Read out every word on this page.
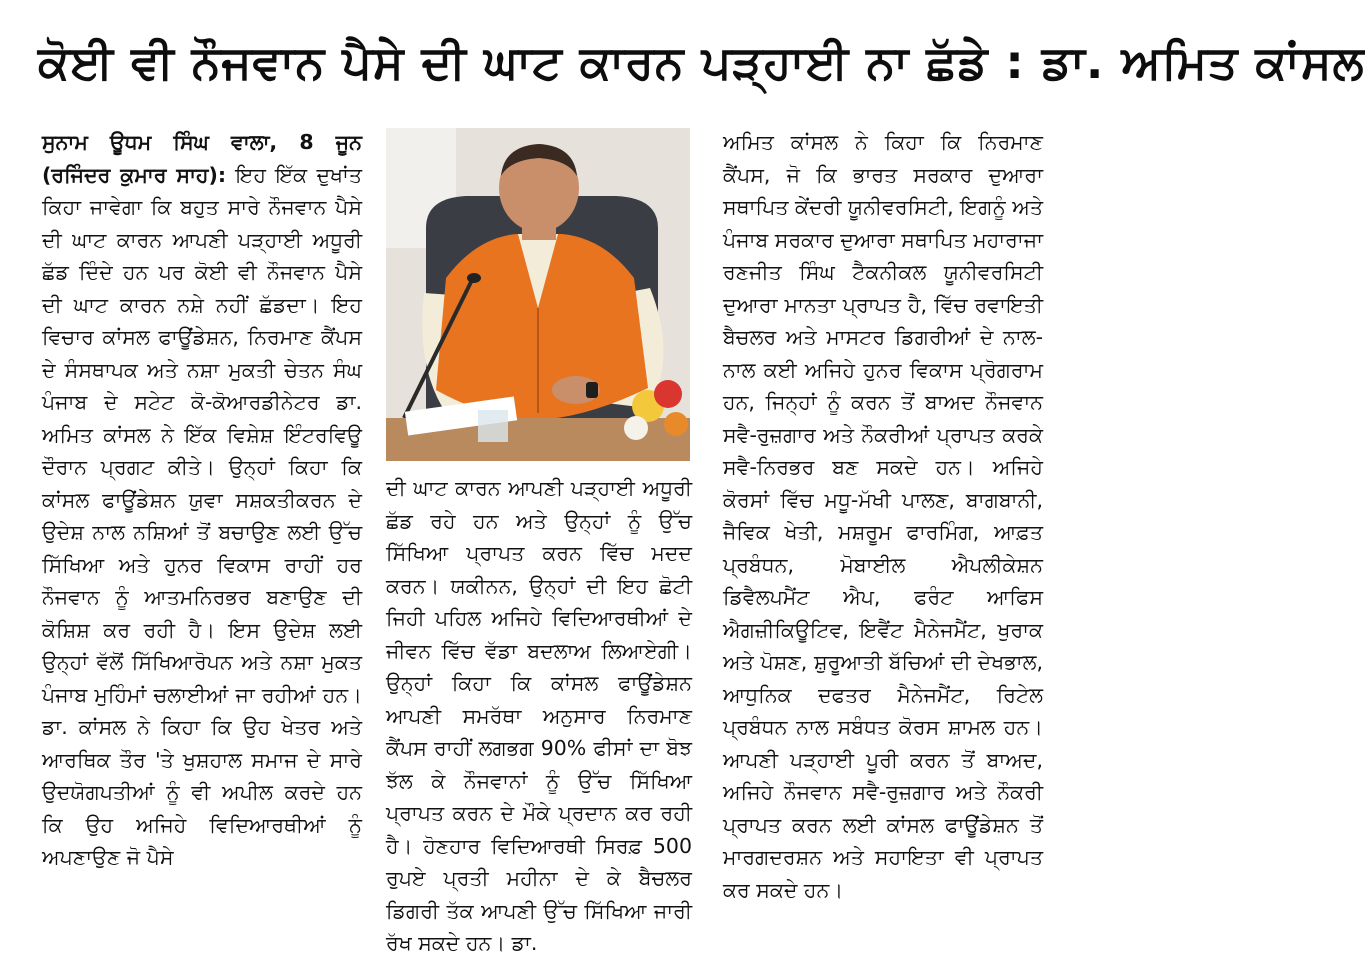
ਕੋਈ ਵੀ ਨੌਜਵਾਨ ਪੈਸੇ ਦੀ ਘਾਟ ਕਾਰਨ ਪੜ੍ਹਾਈ ਨਾ ਛੱਡੇ : ਡਾ. ਅਮਿਤ ਕਾਂਸਲ

ਸੁਨਾਮ ਊਧਮ ਸਿੰਘ ਵਾਲਾ, 8 ਜੂਨ (ਰਜਿੰਦਰ ਕੁਮਾਰ ਸਾਹ): ਇਹ ਇੱਕ ਦੁਖਾਂਤ ਕਿਹਾ ਜਾਵੇਗਾ ਕਿ ਬਹੁਤ ਸਾਰੇ ਨੌਜਵਾਨ ਪੈਸੇ ਦੀ ਘਾਟ ਕਾਰਨ ਆਪਣੀ ਪੜ੍ਹਾਈ ਅਧੂਰੀ ਛੱਡ ਦਿੰਦੇ ਹਨ ਪਰ ਕੋਈ ਵੀ ਨੌਜਵਾਨ ਪੈਸੇ ਦੀ ਘਾਟ ਕਾਰਨ ਨਸ਼ੇ ਨਹੀਂ ਛੱਡਦਾ। ਇਹ ਵਿਚਾਰ ਕਾਂਸਲ ਫਾਊਂਡੇਸ਼ਨ, ਨਿਰਮਾਣ ਕੈਂਪਸ ਦੇ ਸੰਸਥਾਪਕ ਅਤੇ ਨਸ਼ਾ ਮੁਕਤੀ ਚੇਤਨ ਸੰਘ ਪੰਜਾਬ ਦੇ ਸਟੇਟ ਕੋ-ਕੋਆਰਡੀਨੇਟਰ ਡਾ. ਅਮਿਤ ਕਾਂਸਲ ਨੇ ਇੱਕ ਵਿਸ਼ੇਸ਼ ਇੰਟਰਵਿਊ ਦੌਰਾਨ ਪ੍ਰਗਟ ਕੀਤੇ। ਉਨ੍ਹਾਂ ਕਿਹਾ ਕਿ ਕਾਂਸਲ ਫਾਊਂਡੇਸ਼ਨ ਯੁਵਾ ਸਸ਼ਕਤੀਕਰਨ ਦੇ ਉਦੇਸ਼ ਨਾਲ ਨਸ਼ਿਆਂ ਤੋਂ ਬਚਾਉਣ ਲਈ ਉੱਚ ਸਿੱਖਿਆ ਅਤੇ ਹੁਨਰ ਵਿਕਾਸ ਰਾਹੀਂ ਹਰ ਨੌਜਵਾਨ ਨੂੰ ਆਤਮਨਿਰਭਰ ਬਣਾਉਣ ਦੀ ਕੋਸ਼ਿਸ਼ ਕਰ ਰਹੀ ਹੈ। ਇਸ ਉਦੇਸ਼ ਲਈ ਉਨ੍ਹਾਂ ਵੱਲੋਂ ਸਿੱਖਿਆਰੋਪਨ ਅਤੇ ਨਸ਼ਾ ਮੁਕਤ ਪੰਜਾਬ ਮੁਹਿੰਮਾਂ ਚਲਾਈਆਂ ਜਾ ਰਹੀਆਂ ਹਨ। ਡਾ. ਕਾਂਸਲ ਨੇ ਕਿਹਾ ਕਿ ਉਹ ਖੇਤਰ ਅਤੇ ਆਰਥਿਕ ਤੌਰ 'ਤੇ ਖੁਸ਼ਹਾਲ ਸਮਾਜ ਦੇ ਸਾਰੇ ਉਦਯੋਗਪਤੀਆਂ ਨੂੰ ਵੀ ਅਪੀਲ ਕਰਦੇ ਹਨ ਕਿ ਉਹ ਅਜਿਹੇ ਵਿਦਿਆਰਥੀਆਂ ਨੂੰ ਅਪਣਾਉਣ ਜੋ ਪੈਸੇ

ਦੀ ਘਾਟ ਕਾਰਨ ਆਪਣੀ ਪੜ੍ਹਾਈ ਅਧੂਰੀ ਛੱਡ ਰਹੇ ਹਨ ਅਤੇ ਉਨ੍ਹਾਂ ਨੂੰ ਉੱਚ ਸਿੱਖਿਆ ਪ੍ਰਾਪਤ ਕਰਨ ਵਿੱਚ ਮਦਦ ਕਰਨ। ਯਕੀਨਨ, ਉਨ੍ਹਾਂ ਦੀ ਇਹ ਛੋਟੀ ਜਿਹੀ ਪਹਿਲ ਅਜਿਹੇ ਵਿਦਿਆਰਥੀਆਂ ਦੇ ਜੀਵਨ ਵਿੱਚ ਵੱਡਾ ਬਦਲਾਅ ਲਿਆਏਗੀ। ਉਨ੍ਹਾਂ ਕਿਹਾ ਕਿ ਕਾਂਸਲ ਫਾਊਂਡੇਸ਼ਨ ਆਪਣੀ ਸਮਰੱਥਾ ਅਨੁਸਾਰ ਨਿਰਮਾਣ ਕੈਂਪਸ ਰਾਹੀਂ ਲਗਭਗ 90% ਫੀਸਾਂ ਦਾ ਬੋਝ ਝੱਲ ਕੇ ਨੌਜਵਾਨਾਂ ਨੂੰ ਉੱਚ ਸਿੱਖਿਆ ਪ੍ਰਾਪਤ ਕਰਨ ਦੇ ਮੌਕੇ ਪ੍ਰਦਾਨ ਕਰ ਰਹੀ ਹੈ। ਹੋਣਹਾਰ ਵਿਦਿਆਰਥੀ ਸਿਰਫ਼ 500 ਰੁਪਏ ਪ੍ਰਤੀ ਮਹੀਨਾ ਦੇ ਕੇ ਬੈਚਲਰ ਡਿਗਰੀ ਤੱਕ ਆਪਣੀ ਉੱਚ ਸਿੱਖਿਆ ਜਾਰੀ ਰੱਖ ਸਕਦੇ ਹਨ। ਡਾ.

ਅਮਿਤ ਕਾਂਸਲ ਨੇ ਕਿਹਾ ਕਿ ਨਿਰਮਾਣ ਕੈਂਪਸ, ਜੋ ਕਿ ਭਾਰਤ ਸਰਕਾਰ ਦੁਆਰਾ ਸਥਾਪਿਤ ਕੇਂਦਰੀ ਯੂਨੀਵਰਸਿਟੀ, ਇਗਨੂੰ ਅਤੇ ਪੰਜਾਬ ਸਰਕਾਰ ਦੁਆਰਾ ਸਥਾਪਿਤ ਮਹਾਰਾਜਾ ਰਣਜੀਤ ਸਿੰਘ ਟੈਕਨੀਕਲ ਯੂਨੀਵਰਸਿਟੀ ਦੁਆਰਾ ਮਾਨਤਾ ਪ੍ਰਾਪਤ ਹੈ, ਵਿੱਚ ਰਵਾਇਤੀ ਬੈਚਲਰ ਅਤੇ ਮਾਸਟਰ ਡਿਗਰੀਆਂ ਦੇ ਨਾਲ-ਨਾਲ ਕਈ ਅਜਿਹੇ ਹੁਨਰ ਵਿਕਾਸ ਪ੍ਰੋਗਰਾਮ ਹਨ, ਜਿਨ੍ਹਾਂ ਨੂੰ ਕਰਨ ਤੋਂ ਬਾਅਦ ਨੌਜਵਾਨ ਸਵੈ-ਰੁਜ਼ਗਾਰ ਅਤੇ ਨੌਕਰੀਆਂ ਪ੍ਰਾਪਤ ਕਰਕੇ ਸਵੈ-ਨਿਰਭਰ ਬਣ ਸਕਦੇ ਹਨ। ਅਜਿਹੇ ਕੋਰਸਾਂ ਵਿੱਚ ਮਧੂ-ਮੱਖੀ ਪਾਲਣ, ਬਾਗਬਾਨੀ, ਜੈਵਿਕ ਖੇਤੀ, ਮਸ਼ਰੂਮ ਫਾਰਮਿੰਗ, ਆਫ਼ਤ ਪ੍ਰਬੰਧਨ, ਮੋਬਾਈਲ ਐਪਲੀਕੇਸ਼ਨ ਡਿਵੈਲਪਮੈਂਟ ਐਪ, ਫਰੰਟ ਆਫਿਸ ਐਗਜ਼ੀਕਿਊਟਿਵ, ਇਵੈਂਟ ਮੈਨੇਜਮੈਂਟ, ਖੁਰਾਕ ਅਤੇ ਪੋਸ਼ਣ, ਸ਼ੁਰੂਆਤੀ ਬੱਚਿਆਂ ਦੀ ਦੇਖਭਾਲ, ਆਧੁਨਿਕ ਦਫਤਰ ਮੈਨੇਜਮੈਂਟ, ਰਿਟੇਲ ਪ੍ਰਬੰਧਨ ਨਾਲ ਸਬੰਧਤ ਕੋਰਸ ਸ਼ਾਮਲ ਹਨ। ਆਪਣੀ ਪੜ੍ਹਾਈ ਪੂਰੀ ਕਰਨ ਤੋਂ ਬਾਅਦ, ਅਜਿਹੇ ਨੌਜਵਾਨ ਸਵੈ-ਰੁਜ਼ਗਾਰ ਅਤੇ ਨੌਕਰੀ ਪ੍ਰਾਪਤ ਕਰਨ ਲਈ ਕਾਂਸਲ ਫਾਊਂਡੇਸ਼ਨ ਤੋਂ ਮਾਰਗਦਰਸ਼ਨ ਅਤੇ ਸਹਾਇਤਾ ਵੀ ਪ੍ਰਾਪਤ ਕਰ ਸਕਦੇ ਹਨ।
